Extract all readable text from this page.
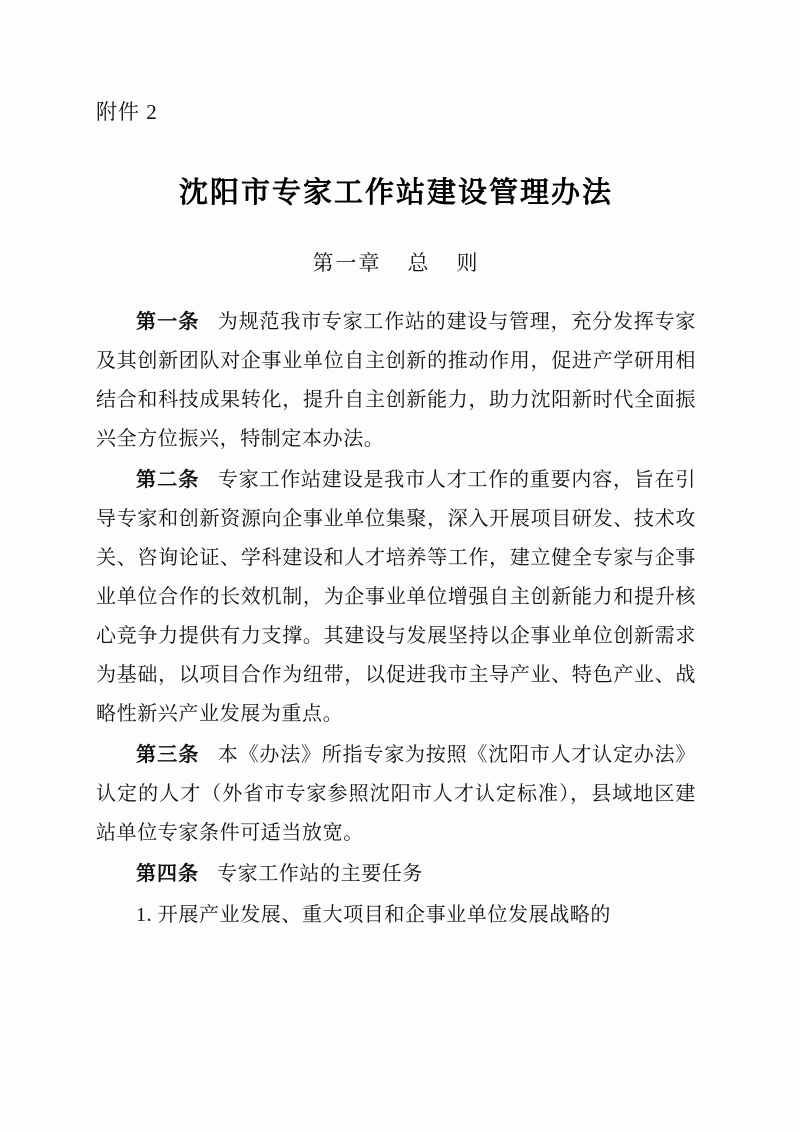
附件 2
沈阳市专家工作站建设管理办法
第一章 总 则

第一条 为规范我市专家工作站的建设与管理，充分发挥专家及其创新团队对企事业单位自主创新的推动作用，促进产学研用相结合和科技成果转化，提升自主创新能力，助力沈阳新时代全面振兴全方位振兴，特制定本办法。

第二条 专家工作站建设是我市人才工作的重要内容，旨在引导专家和创新资源向企事业单位集聚，深入开展项目研发、技术攻关、咨询论证、学科建设和人才培养等工作，建立健全专家与企事业单位合作的长效机制，为企事业单位增强自主创新能力和提升核心竞争力提供有力支撑。其建设与发展坚持以企事业单位创新需求为基础，以项目合作为纽带，以促进我市主导产业、特色产业、战略性新兴产业发展为重点。

第三条 本《办法》所指专家为按照《沈阳市人才认定办法》认定的人才（外省市专家参照沈阳市人才认定标准），县域地区建站单位专家条件可适当放宽。

第四条 专家工作站的主要任务

1. 开展产业发展、重大项目和企事业单位发展战略的
